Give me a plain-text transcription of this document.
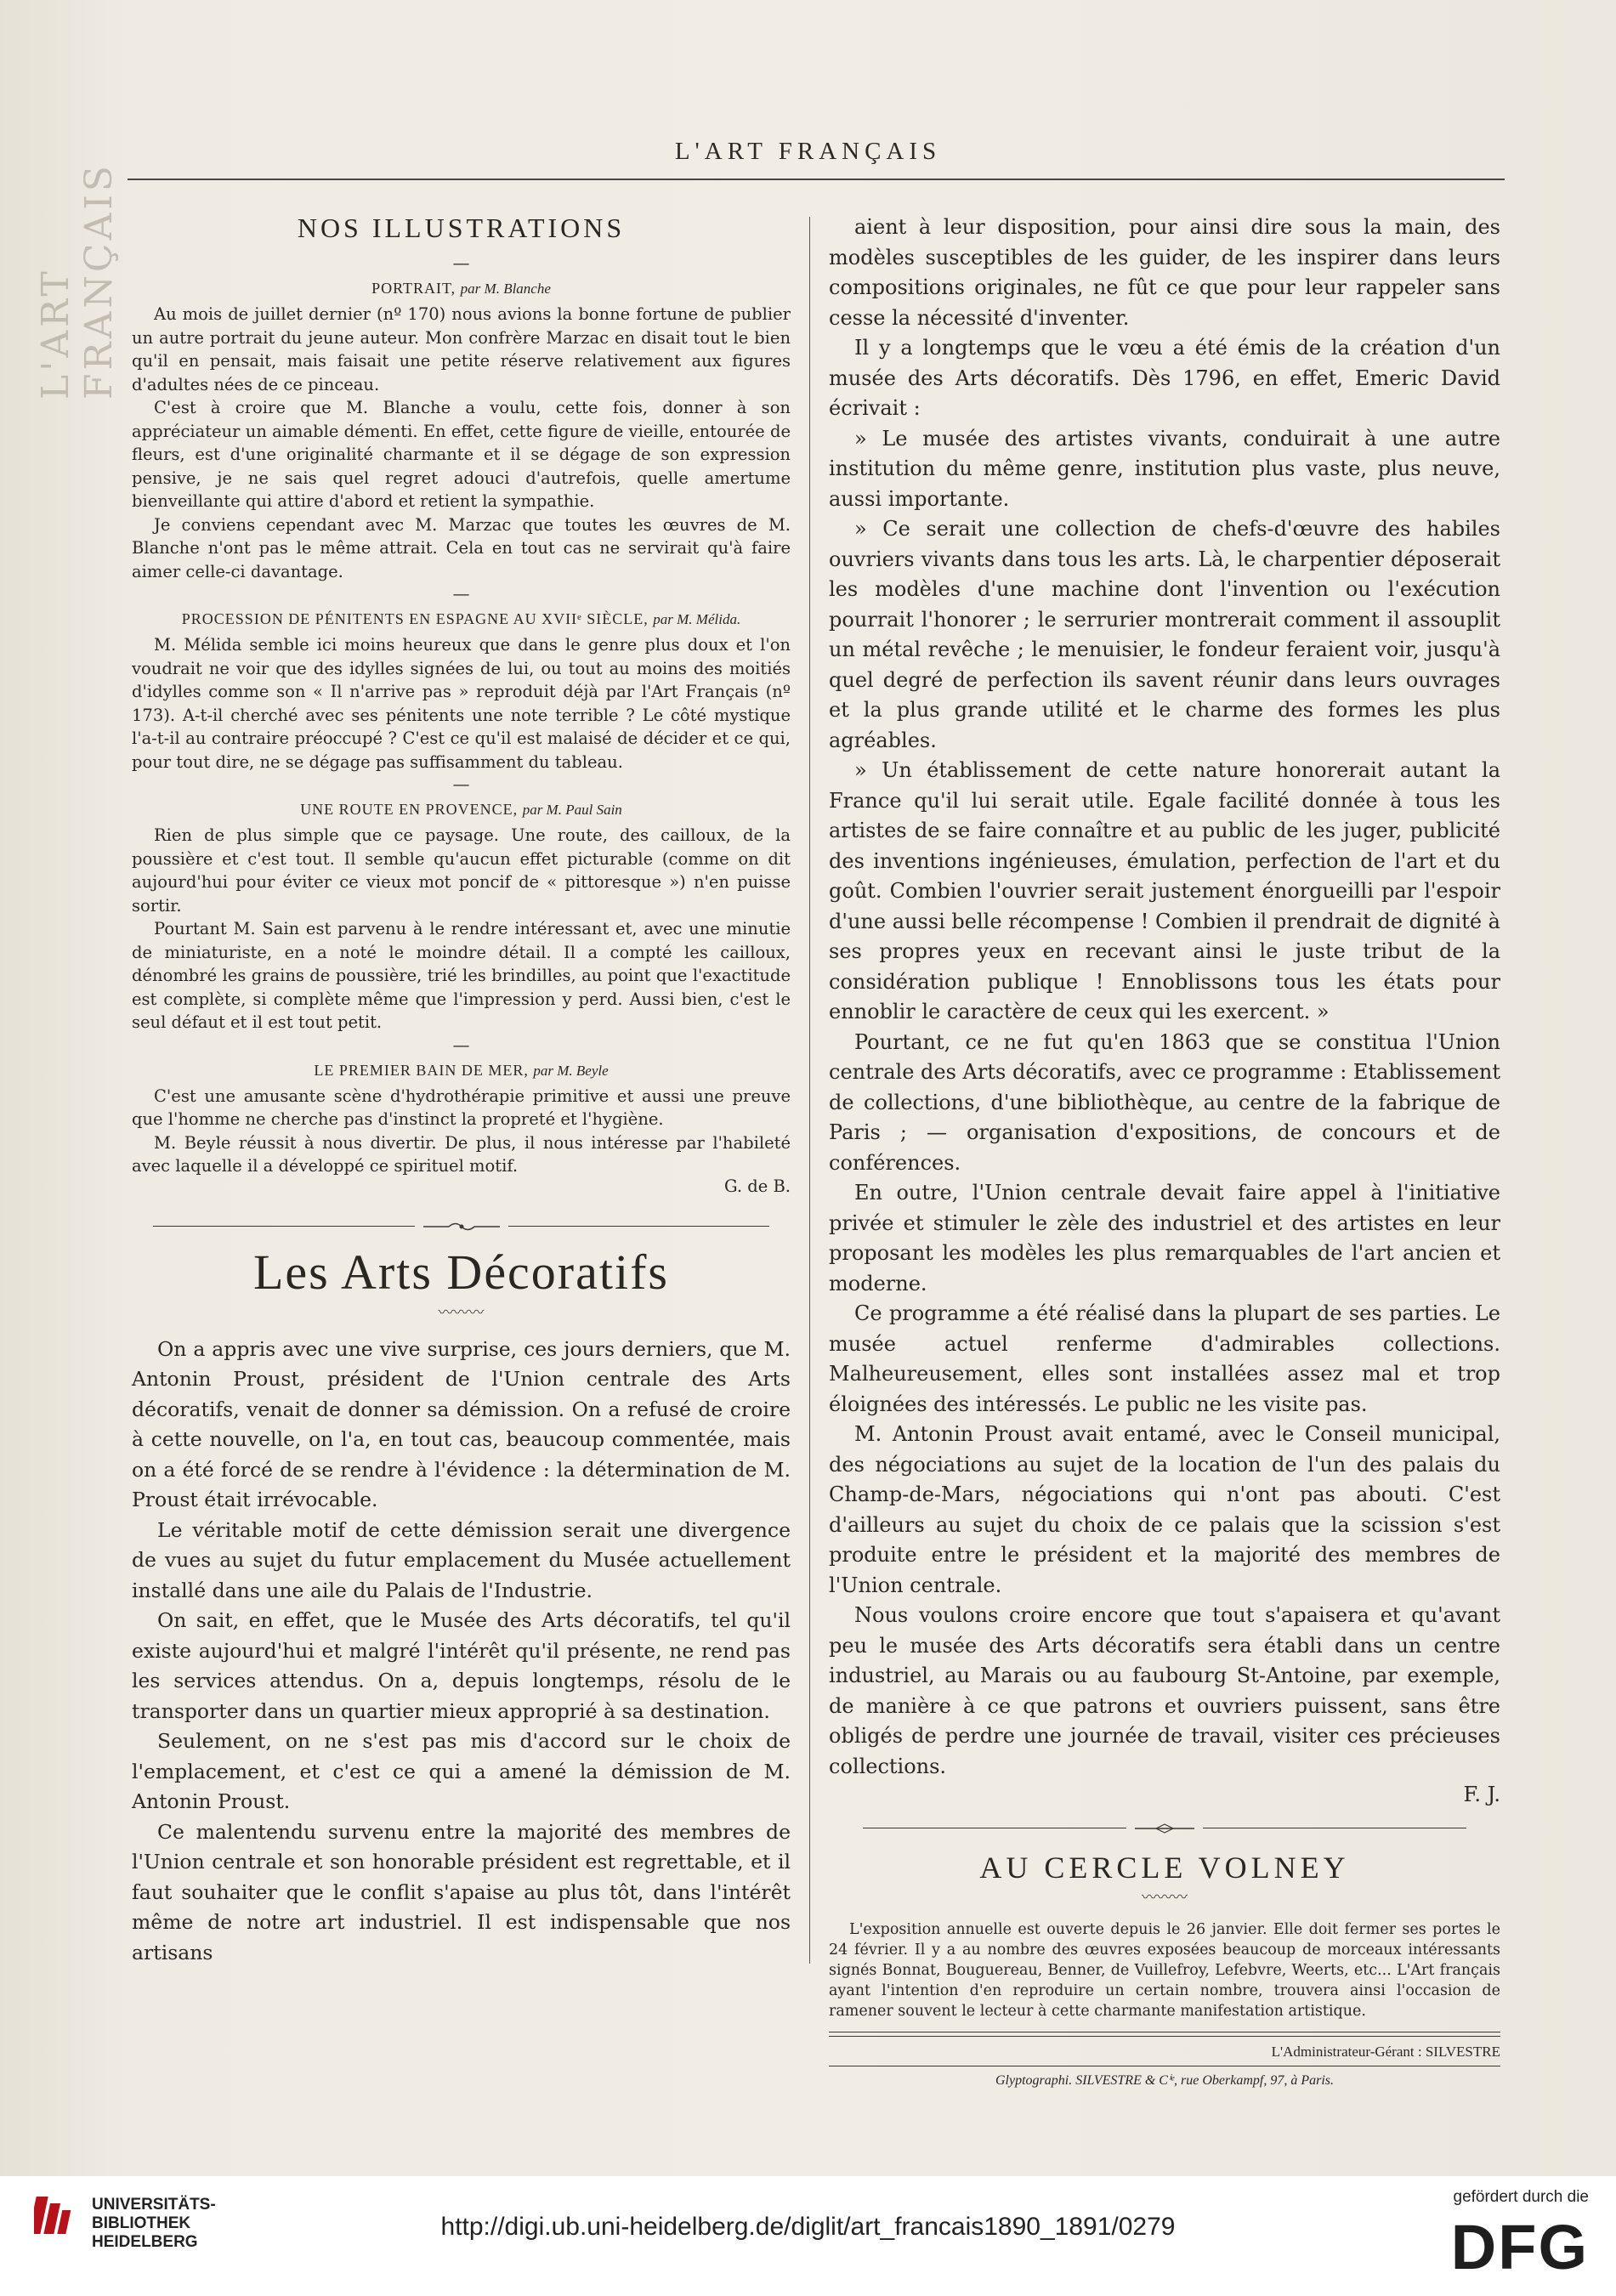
L'ART FRANÇAIS
L'ART FRANÇAIS
NOS ILLUSTRATIONS
—
PORTRAIT, par M. Blanche

Au mois de juillet dernier (nº 170) nous avions la bonne fortune de publier un autre portrait du jeune auteur. Mon confrère Marzac en disait tout le bien qu'il en pensait, mais faisait une petite réserve relativement aux figures d'adultes nées de ce pinceau.

C'est à croire que M. Blanche a voulu, cette fois, donner à son appréciateur un aimable démenti. En effet, cette figure de vieille, entourée de fleurs, est d'une originalité charmante et il se dégage de son expression pensive, je ne sais quel regret adouci d'autrefois, quelle amertume bienveillante qui attire d'abord et retient la sympathie.

Je conviens cependant avec M. Marzac que toutes les œuvres de M. Blanche n'ont pas le même attrait. Cela en tout cas ne servirait qu'à faire aimer celle-ci davantage.

—
PROCESSION DE PÉNITENTS EN ESPAGNE AU XVIIᵉ SIÈCLE, par M. Mélida.

M. Mélida semble ici moins heureux que dans le genre plus doux et l'on voudrait ne voir que des idylles signées de lui, ou tout au moins des moitiés d'idylles comme son « Il n'arrive pas » reproduit déjà par l'Art Français (nº 173). A-t-il cherché avec ses pénitents une note terrible ? Le côté mystique l'a-t-il au contraire préoccupé ? C'est ce qu'il est malaisé de décider et ce qui, pour tout dire, ne se dégage pas suffisamment du tableau.

—
UNE ROUTE EN PROVENCE, par M. Paul Sain

Rien de plus simple que ce paysage. Une route, des cailloux, de la poussière et c'est tout. Il semble qu'aucun effet picturable (comme on dit aujourd'hui pour éviter ce vieux mot poncif de « pittoresque ») n'en puisse sortir.

Pourtant M. Sain est parvenu à le rendre intéressant et, avec une minutie de miniaturiste, en a noté le moindre détail. Il a compté les cailloux, dénombré les grains de poussière, trié les brindilles, au point que l'exactitude est complète, si complète même que l'impression y perd. Aussi bien, c'est le seul défaut et il est tout petit.

—
LE PREMIER BAIN DE MER, par M. Beyle

C'est une amusante scène d'hydrothérapie primitive et aussi une preuve que l'homme ne cherche pas d'instinct la propreté et l'hygiène.

M. Beyle réussit à nous divertir. De plus, il nous intéresse par l'habileté avec laquelle il a développé ce spirituel motif.

G. de B.
Les Arts Décoratifs
〰〰〰

On a appris avec une vive surprise, ces jours derniers, que M. Antonin Proust, président de l'Union centrale des Arts décoratifs, venait de donner sa démission. On a refusé de croire à cette nouvelle, on l'a, en tout cas, beaucoup commentée, mais on a été forcé de se rendre à l'évidence : la détermination de M. Proust était irrévocable.

Le véritable motif de cette démission serait une divergence de vues au sujet du futur emplacement du Musée actuellement installé dans une aile du Palais de l'Industrie.

On sait, en effet, que le Musée des Arts décoratifs, tel qu'il existe aujourd'hui et malgré l'intérêt qu'il présente, ne rend pas les services attendus. On a, depuis longtemps, résolu de le transporter dans un quartier mieux approprié à sa destination.

Seulement, on ne s'est pas mis d'accord sur le choix de l'emplacement, et c'est ce qui a amené la démission de M. Antonin Proust.

Ce malentendu survenu entre la majorité des membres de l'Union centrale et son honorable président est regrettable, et il faut souhaiter que le conflit s'apaise au plus tôt, dans l'intérêt même de notre art industriel. Il est indispensable que nos artisans

aient à leur disposition, pour ainsi dire sous la main, des modèles susceptibles de les guider, de les inspirer dans leurs compositions originales, ne fût ce que pour leur rappeler sans cesse la nécessité d'inventer.

Il y a longtemps que le vœu a été émis de la création d'un musée des Arts décoratifs. Dès 1796, en effet, Emeric David écrivait :

» Le musée des artistes vivants, conduirait à une autre institution du même genre, institution plus vaste, plus neuve, aussi importante.

» Ce serait une collection de chefs-d'œuvre des habiles ouvriers vivants dans tous les arts. Là, le charpentier déposerait les modèles d'une machine dont l'invention ou l'exécution pourrait l'honorer ; le serrurier montrerait comment il assouplit un métal revêche ; le menuisier, le fondeur feraient voir, jusqu'à quel degré de perfection ils savent réunir dans leurs ouvrages et la plus grande utilité et le charme des formes les plus agréables.

» Un établissement de cette nature honorerait autant la France qu'il lui serait utile. Egale facilité donnée à tous les artistes de se faire connaître et au public de les juger, publicité des inventions ingénieuses, émulation, perfection de l'art et du goût. Combien l'ouvrier serait justement énorgueilli par l'espoir d'une aussi belle récompense ! Combien il prendrait de dignité à ses propres yeux en recevant ainsi le juste tribut de la considération publique ! Ennoblissons tous les états pour ennoblir le caractère de ceux qui les exercent. »

Pourtant, ce ne fut qu'en 1863 que se constitua l'Union centrale des Arts décoratifs, avec ce programme : Etablissement de collections, d'une bibliothèque, au centre de la fabrique de Paris ; — organisation d'expositions, de concours et de conférences.

En outre, l'Union centrale devait faire appel à l'initiative privée et stimuler le zèle des industriel et des artistes en leur proposant les modèles les plus remarquables de l'art ancien et moderne.

Ce programme a été réalisé dans la plupart de ses parties. Le musée actuel renferme d'admirables collections. Malheureusement, elles sont installées assez mal et trop éloignées des intéressés. Le public ne les visite pas.

M. Antonin Proust avait entamé, avec le Conseil municipal, des négociations au sujet de la location de l'un des palais du Champ-de-Mars, négociations qui n'ont pas abouti. C'est d'ailleurs au sujet du choix de ce palais que la scission s'est produite entre le président et la majorité des membres de l'Union centrale.

Nous voulons croire encore que tout s'apaisera et qu'avant peu le musée des Arts décoratifs sera établi dans un centre industriel, au Marais ou au faubourg St-Antoine, par exemple, de manière à ce que patrons et ouvriers puissent, sans être obligés de perdre une journée de travail, visiter ces précieuses collections.

F. J.
AU CERCLE VOLNEY
〰〰〰

L'exposition annuelle est ouverte depuis le 26 janvier. Elle doit fermer ses portes le 24 février. Il y a au nombre des œuvres exposées beaucoup de morceaux intéressants signés Bonnat, Bouguereau, Benner, de Vuillefroy, Lefebvre, Weerts, etc... L'Art français ayant l'intention d'en reproduire un certain nombre, trouvera ainsi l'occasion de ramener souvent le lecteur à cette charmante manifestation artistique.

L'Administrateur-Gérant : SILVESTRE
Glyptographi. SILVESTRE & Cⁱᵉ, rue Oberkampf, 97, à Paris.
UNIVERSITÄTS-
BIBLIOTHEK
HEIDELBERG
http://digi.ub.uni-heidelberg.de/diglit/art_francais1890_1891/0279
gefördert durch die
DFG
